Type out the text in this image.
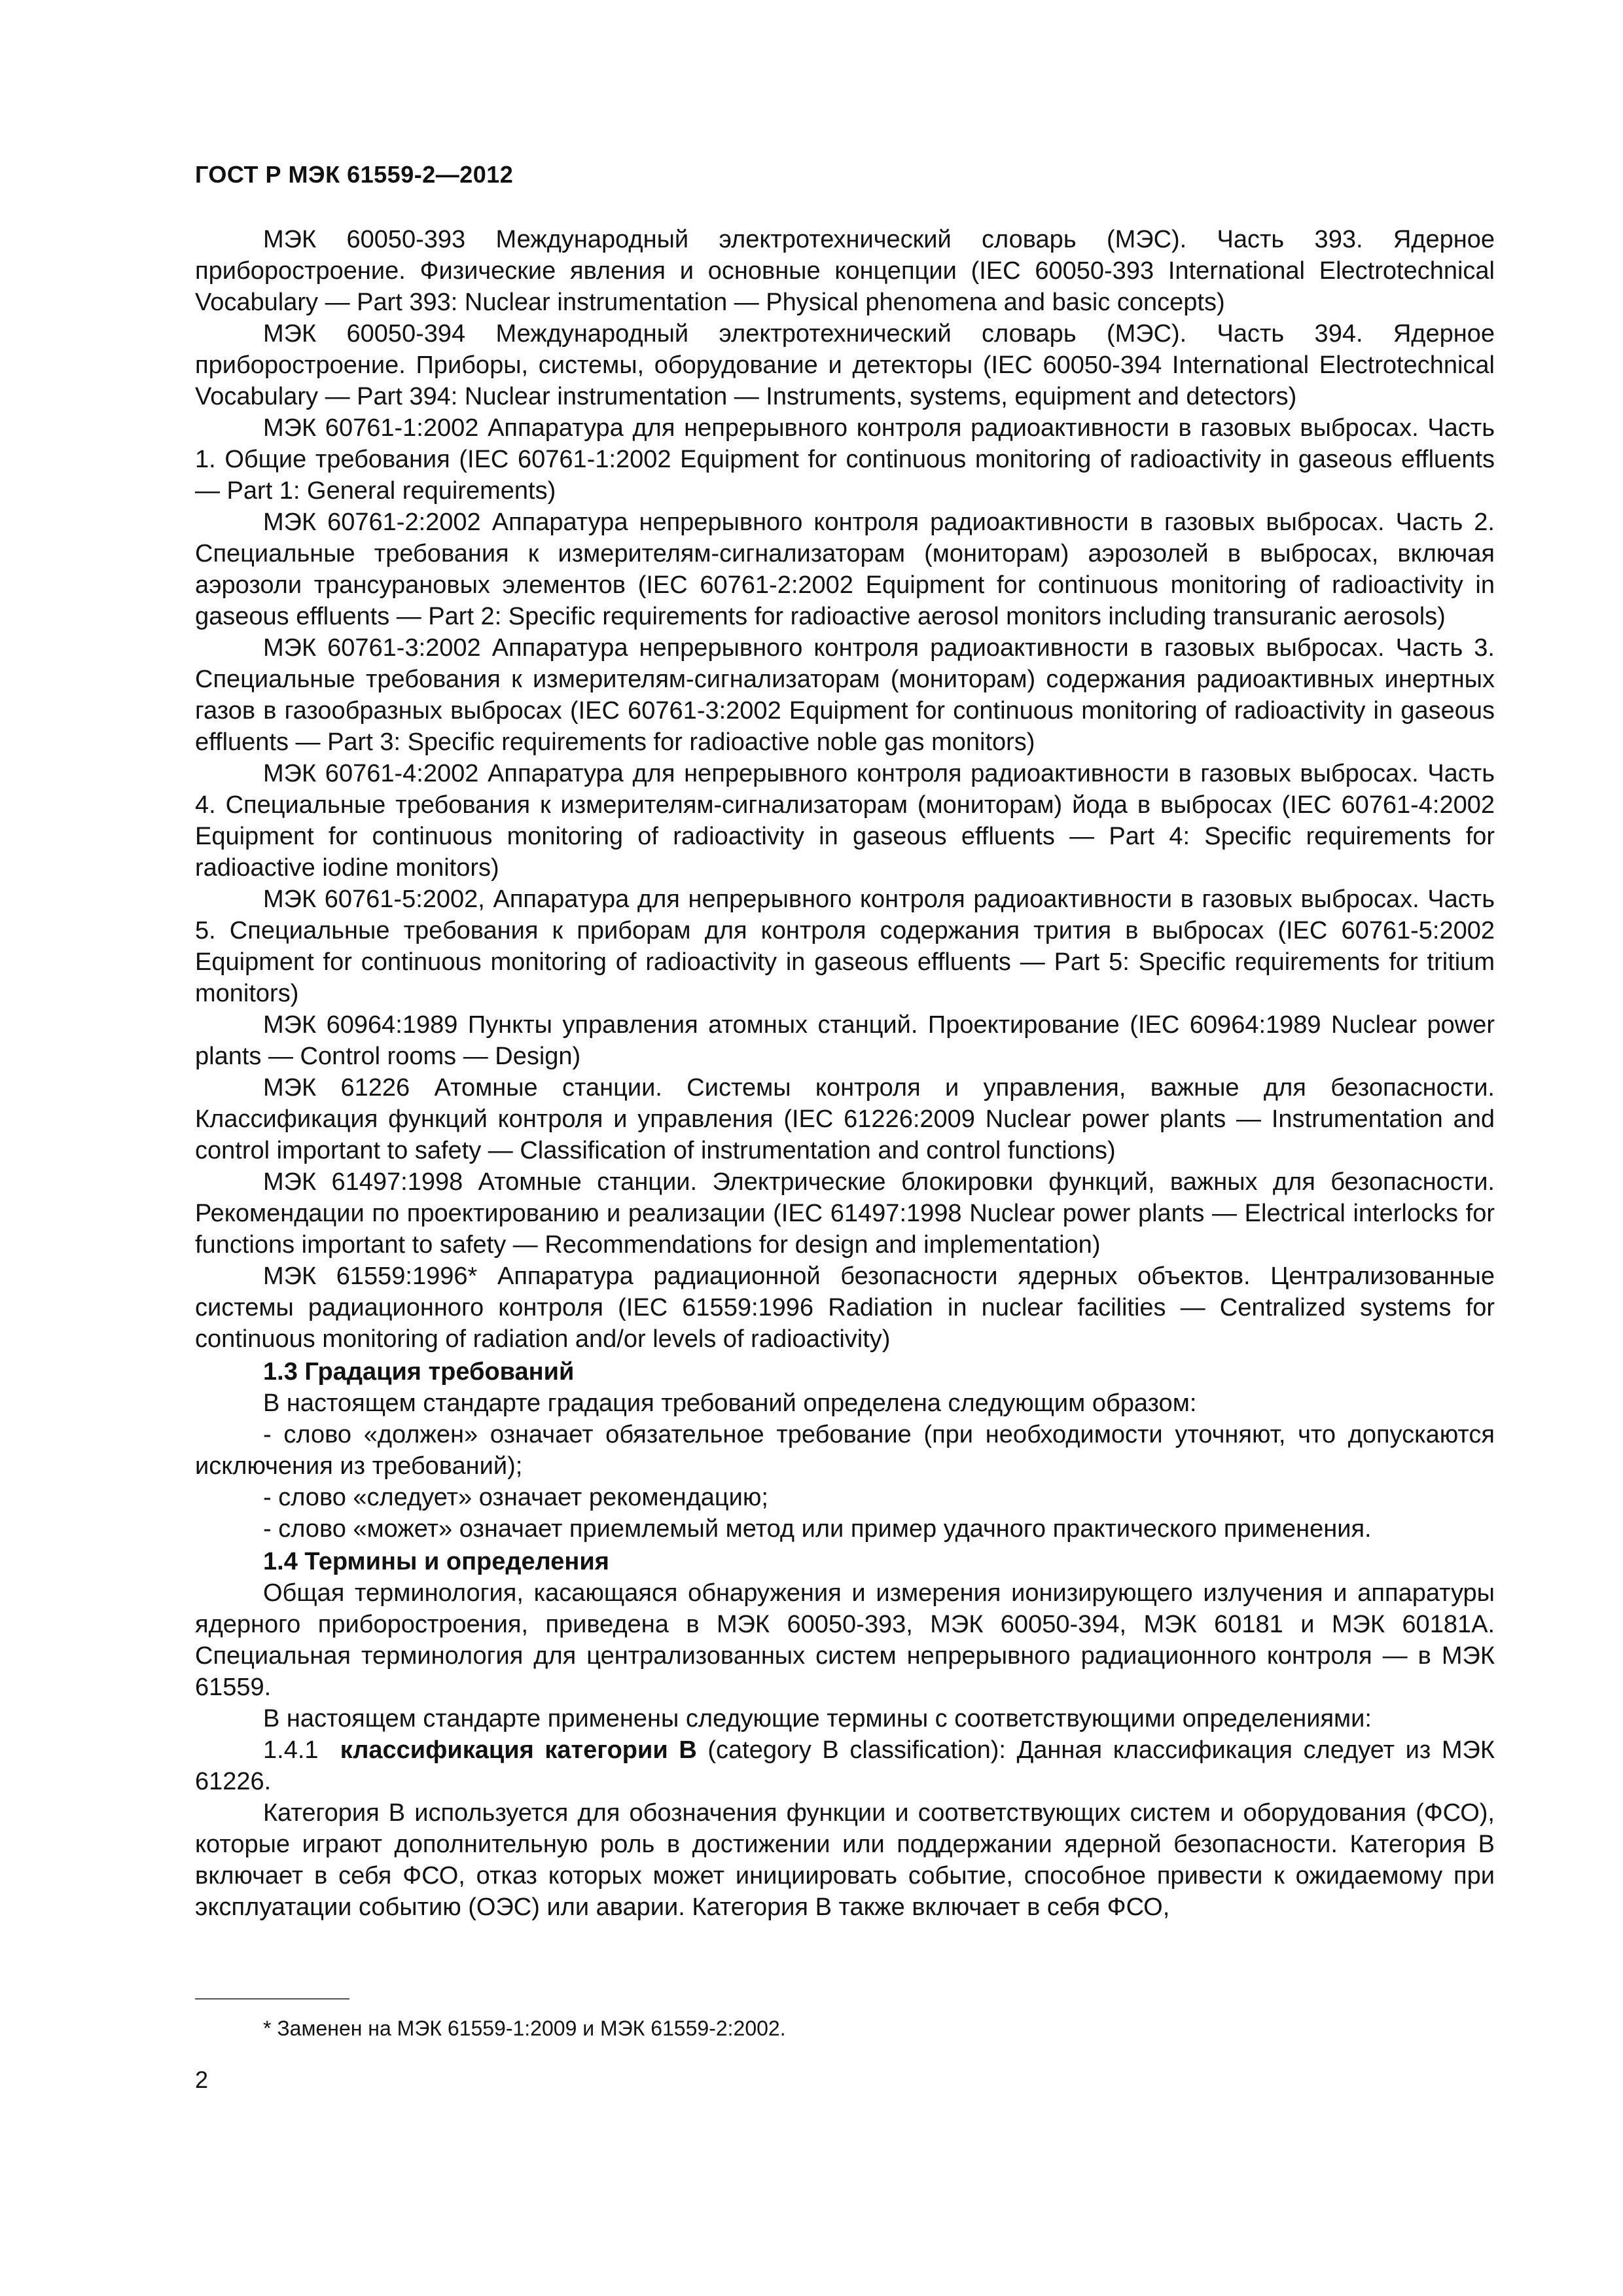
ГОСТ Р МЭК 61559-2—2012

МЭК 60050-393 Международный электротехнический словарь (МЭС). Часть 393. Ядерное приборостроение. Физические явления и основные концепции (IEC 60050-393 International Electrotechnical Vocabulary — Part 393: Nuclear instrumentation — Physical phenomena and basic concepts)

МЭК 60050-394 Международный электротехнический словарь (МЭС). Часть 394. Ядерное приборостроение. Приборы, системы, оборудование и детекторы (IEC 60050-394 International Electrotechnical Vocabulary — Part 394: Nuclear instrumentation — Instruments, systems, equipment and detectors)

МЭК 60761-1:2002 Аппаратура для непрерывного контроля радиоактивности в газовых выбросах. Часть 1. Общие требования (IEC 60761-1:2002 Equipment for continuous monitoring of radioactivity in gaseous effluents — Part 1: General requirements)

МЭК 60761-2:2002 Аппаратура непрерывного контроля радиоактивности в газовых выбросах. Часть 2. Специальные требования к измерителям-сигнализаторам (мониторам) аэрозолей в выбросах, включая аэрозоли трансурановых элементов (IEC 60761-2:2002 Equipment for continuous monitoring of radioactivity in gaseous effluents — Part 2: Specific requirements for radioactive aerosol monitors including transuranic aerosols)

МЭК 60761-3:2002 Аппаратура непрерывного контроля радиоактивности в газовых выбросах. Часть 3. Специальные требования к измерителям-сигнализаторам (мониторам) содержания радиоактивных инертных газов в газообразных выбросах (IEC 60761-3:2002 Equipment for continuous monitoring of radioactivity in gaseous effluents — Part 3: Specific requirements for radioactive noble gas monitors)

МЭК 60761-4:2002 Аппаратура для непрерывного контроля радиоактивности в газовых выбросах. Часть 4. Специальные требования к измерителям-сигнализаторам (мониторам) йода в выбросах (IEC 60761-4:2002 Equipment for continuous monitoring of radioactivity in gaseous effluents — Part 4: Specific requirements for radioactive iodine monitors)

МЭК 60761-5:2002, Аппаратура для непрерывного контроля радиоактивности в газовых выбросах. Часть 5. Специальные требования к приборам для контроля содержания трития в выбросах (IEC 60761-5:2002 Equipment for continuous monitoring of radioactivity in gaseous effluents — Part 5: Specific requirements for tritium monitors)

МЭК 60964:1989 Пункты управления атомных станций. Проектирование (IEC 60964:1989 Nuclear power plants — Control rooms — Design)

МЭК 61226 Атомные станции. Системы контроля и управления, важные для безопасности. Классификация функций контроля и управления (IEC 61226:2009 Nuclear power plants — Instrumentation and control important to safety — Classification of instrumentation and control functions)

МЭК 61497:1998 Атомные станции. Электрические блокировки функций, важных для безопасности. Рекомендации по проектированию и реализации (IEC 61497:1998 Nuclear power plants — Electrical interlocks for functions important to safety — Recommendations for design and implementation)

МЭК 61559:1996* Аппаратура радиационной безопасности ядерных объектов. Централизованные системы радиационного контроля (IEC 61559:1996 Radiation in nuclear facilities — Centralized systems for continuous monitoring of radiation and/or levels of radioactivity)

1.3 Градация требований

В настоящем стандарте градация требований определена следующим образом:

- слово «должен» означает обязательное требование (при необходимости уточняют, что допускаются исключения из требований);
- слово «следует» означает рекомендацию;
- слово «может» означает приемлемый метод или пример удачного практического применения.

1.4 Термины и определения

Общая терминология, касающаяся обнаружения и измерения ионизирующего излучения и аппаратуры ядерного приборостроения, приведена в МЭК 60050-393, МЭК 60050-394, МЭК 60181 и МЭК 60181А. Специальная терминология для централизованных систем непрерывного радиационного контроля — в МЭК 61559.

В настоящем стандарте применены следующие термины с соответствующими определениями:

1.4.1 классификация категории В (category B classification): Данная классификация следует из МЭК 61226.

Категория В используется для обозначения функции и соответствующих систем и оборудования (ФСО), которые играют дополнительную роль в достижении или поддержании ядерной безопасности. Категория В включает в себя ФСО, отказ которых может инициировать событие, способное привести к ожидаемому при эксплуатации событию (ОЭС) или аварии. Категория В также включает в себя ФСО,

* Заменен на МЭК 61559-1:2009 и МЭК 61559-2:2002.
2
